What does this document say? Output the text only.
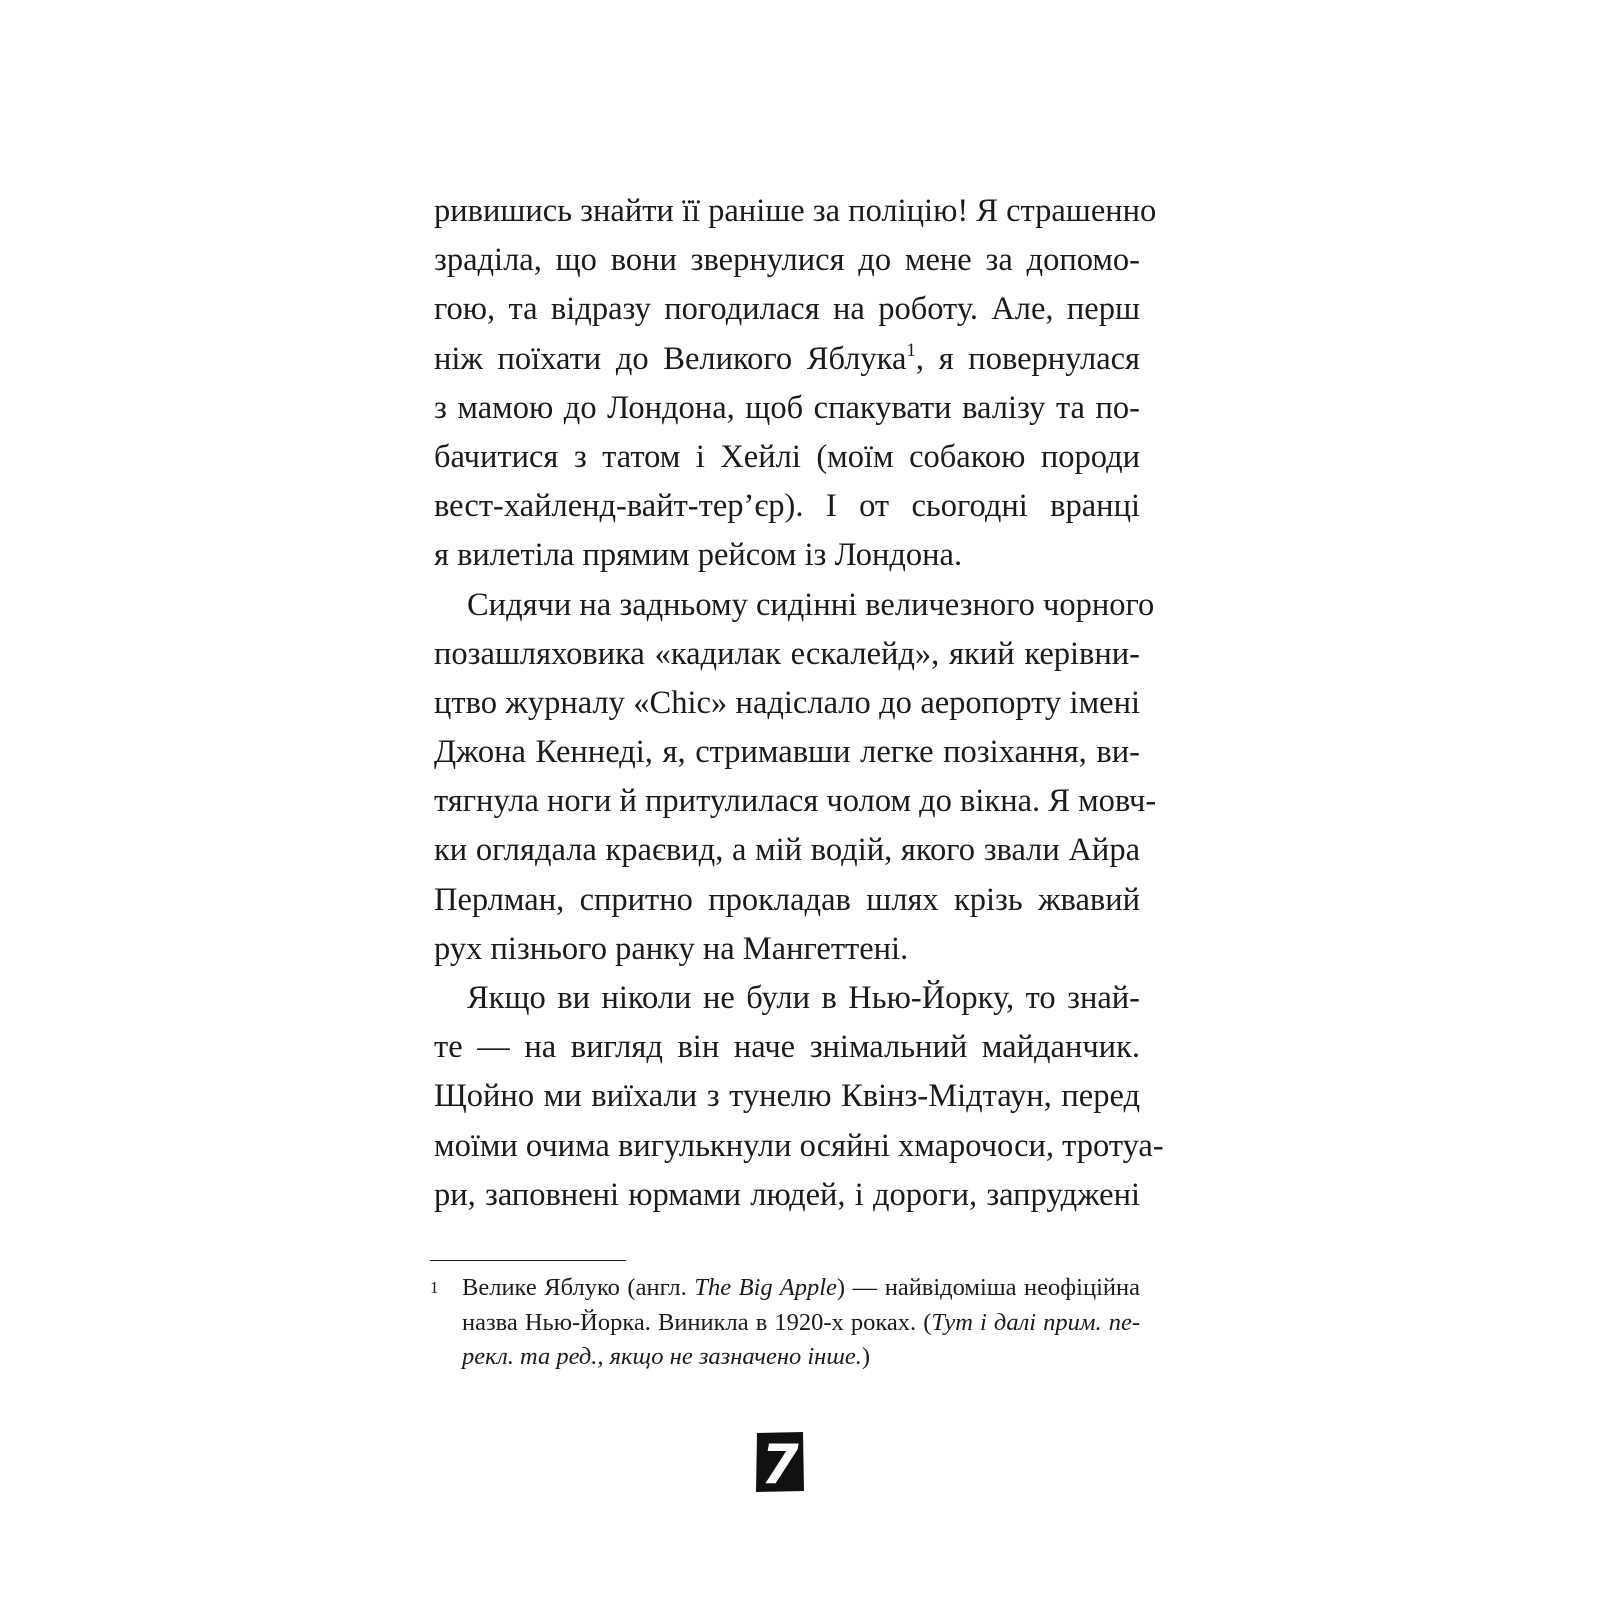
ривишись знайти її раніше за поліцію! Я страшенно
зраділа, що вони звернулися до мене за допомо-
гою, та відразу погодилася на роботу. Але, перш
ніж поїхати до Великого Яблука$^1$, я повернулася
з мамою до Лондона, щоб спакувати валізу та по-
бачитися з татом і Хейлі (моїм собакою породи
вест-хайленд-вайт-тер’єр). І от сьогодні вранці
я вилетіла прямим рейсом із Лондона.
Сидячи на задньому сидінні величезного чорного
позашляховика «кадилак ескалейд», який керівни-
цтво журналу «Chic» надіслало до аеропорту імені
Джона Кеннеді, я, стримавши легке позіхання, ви-
тягнула ноги й притулилася чолом до вікна. Я мовч-
ки оглядала краєвид, а мій водій, якого звали Айра
Перлман, спритно прокладав шлях крізь жвавий
рух пізнього ранку на Мангеттені.
Якщо ви ніколи не були в Нью-Йорку, то знай-
те — на вигляд він наче знімальний майданчик.
Щойно ми виїхали з тунелю Квінз-Мідтаун, перед
моїми очима вигулькнули осяйні хмарочоси, тротуа-
ри, заповнені юрмами людей, і дороги, запруджені
1 Велике Яблуко (англ. The Big Apple) — найвідоміша неофіційна
назва Нью-Йорка. Виникла в 1920-х роках. (Тут і далі прим. пе-
рекл. та ред., якщо не зазначено інше.)
7
